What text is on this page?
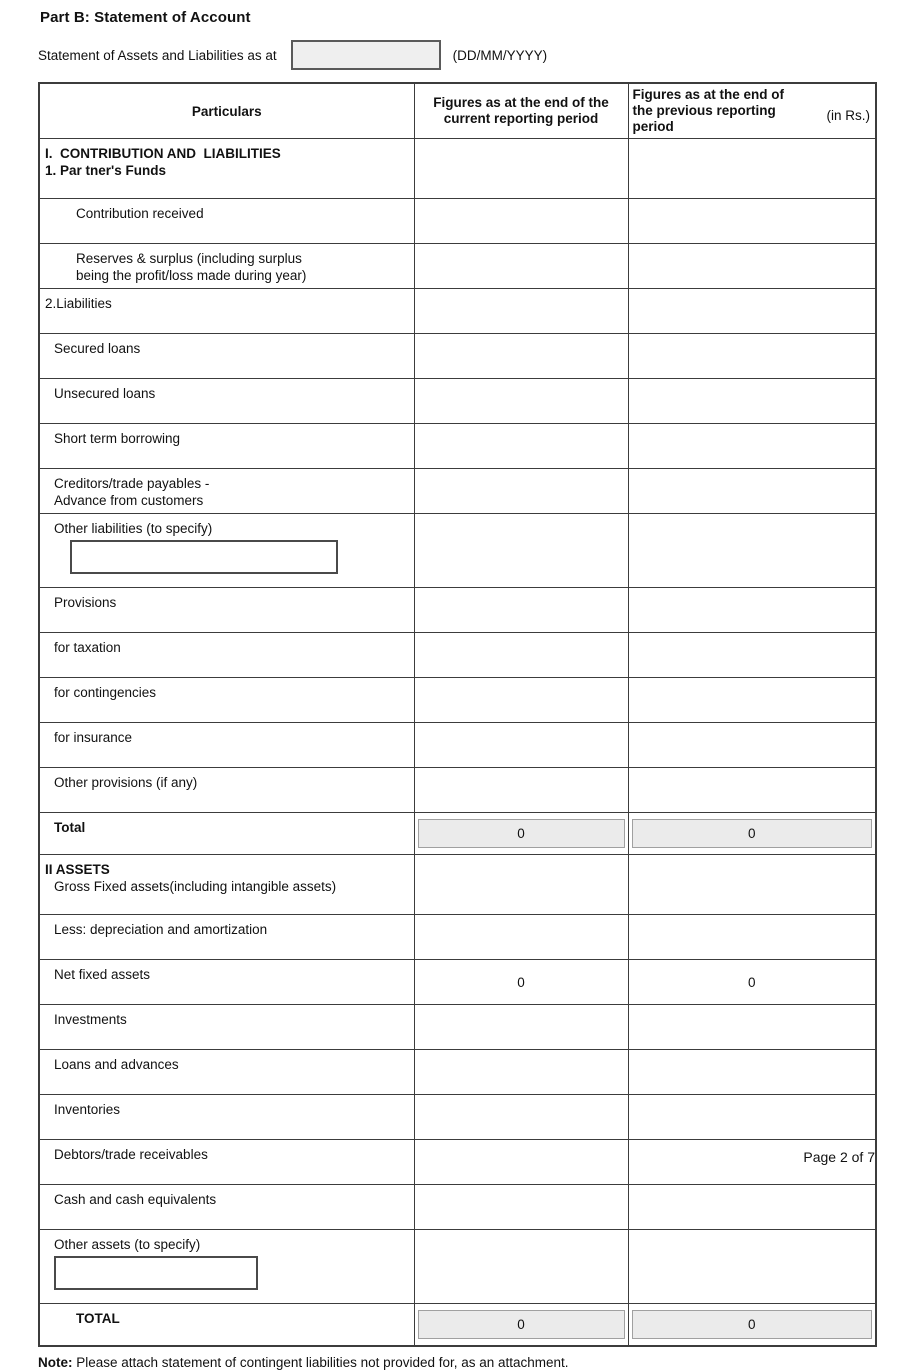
Part B: Statement of Account
Statement of Assets and Liabilities as at	(DD/MM/YYYY)
Particulars	Figures as at the end of the current reporting period	Figures as at the end of the previous reporting period
(in Rs.)

I.  CONTRIBUTION AND  LIABILITIES
1. Par tner's Funds		

Contribution received		

Reserves & surplus (including surplus
being the profit/loss made during year)		

2.Liabilities		

Secured loans		

Unsecured loans		

Short term borrowing		

Creditors/trade payables -
Advance from customers		

Other liabilities (to specify)		

Provisions		

for taxation		

for contingencies		

for insurance		

Other provisions (if any)		

Total	0	0

II ASSETS
Gross Fixed assets(including intangible assets)		

Less: depreciation and amortization		

Net fixed assets	0	0

Investments		

Loans and advances		

Inventories		

Debtors/trade receivables		

Cash and cash equivalents		

Other assets (to specify)		

TOTAL	0	0
Note: Please attach statement of contingent liabilities not provided for, as an attachment.
Page 2 of 7
